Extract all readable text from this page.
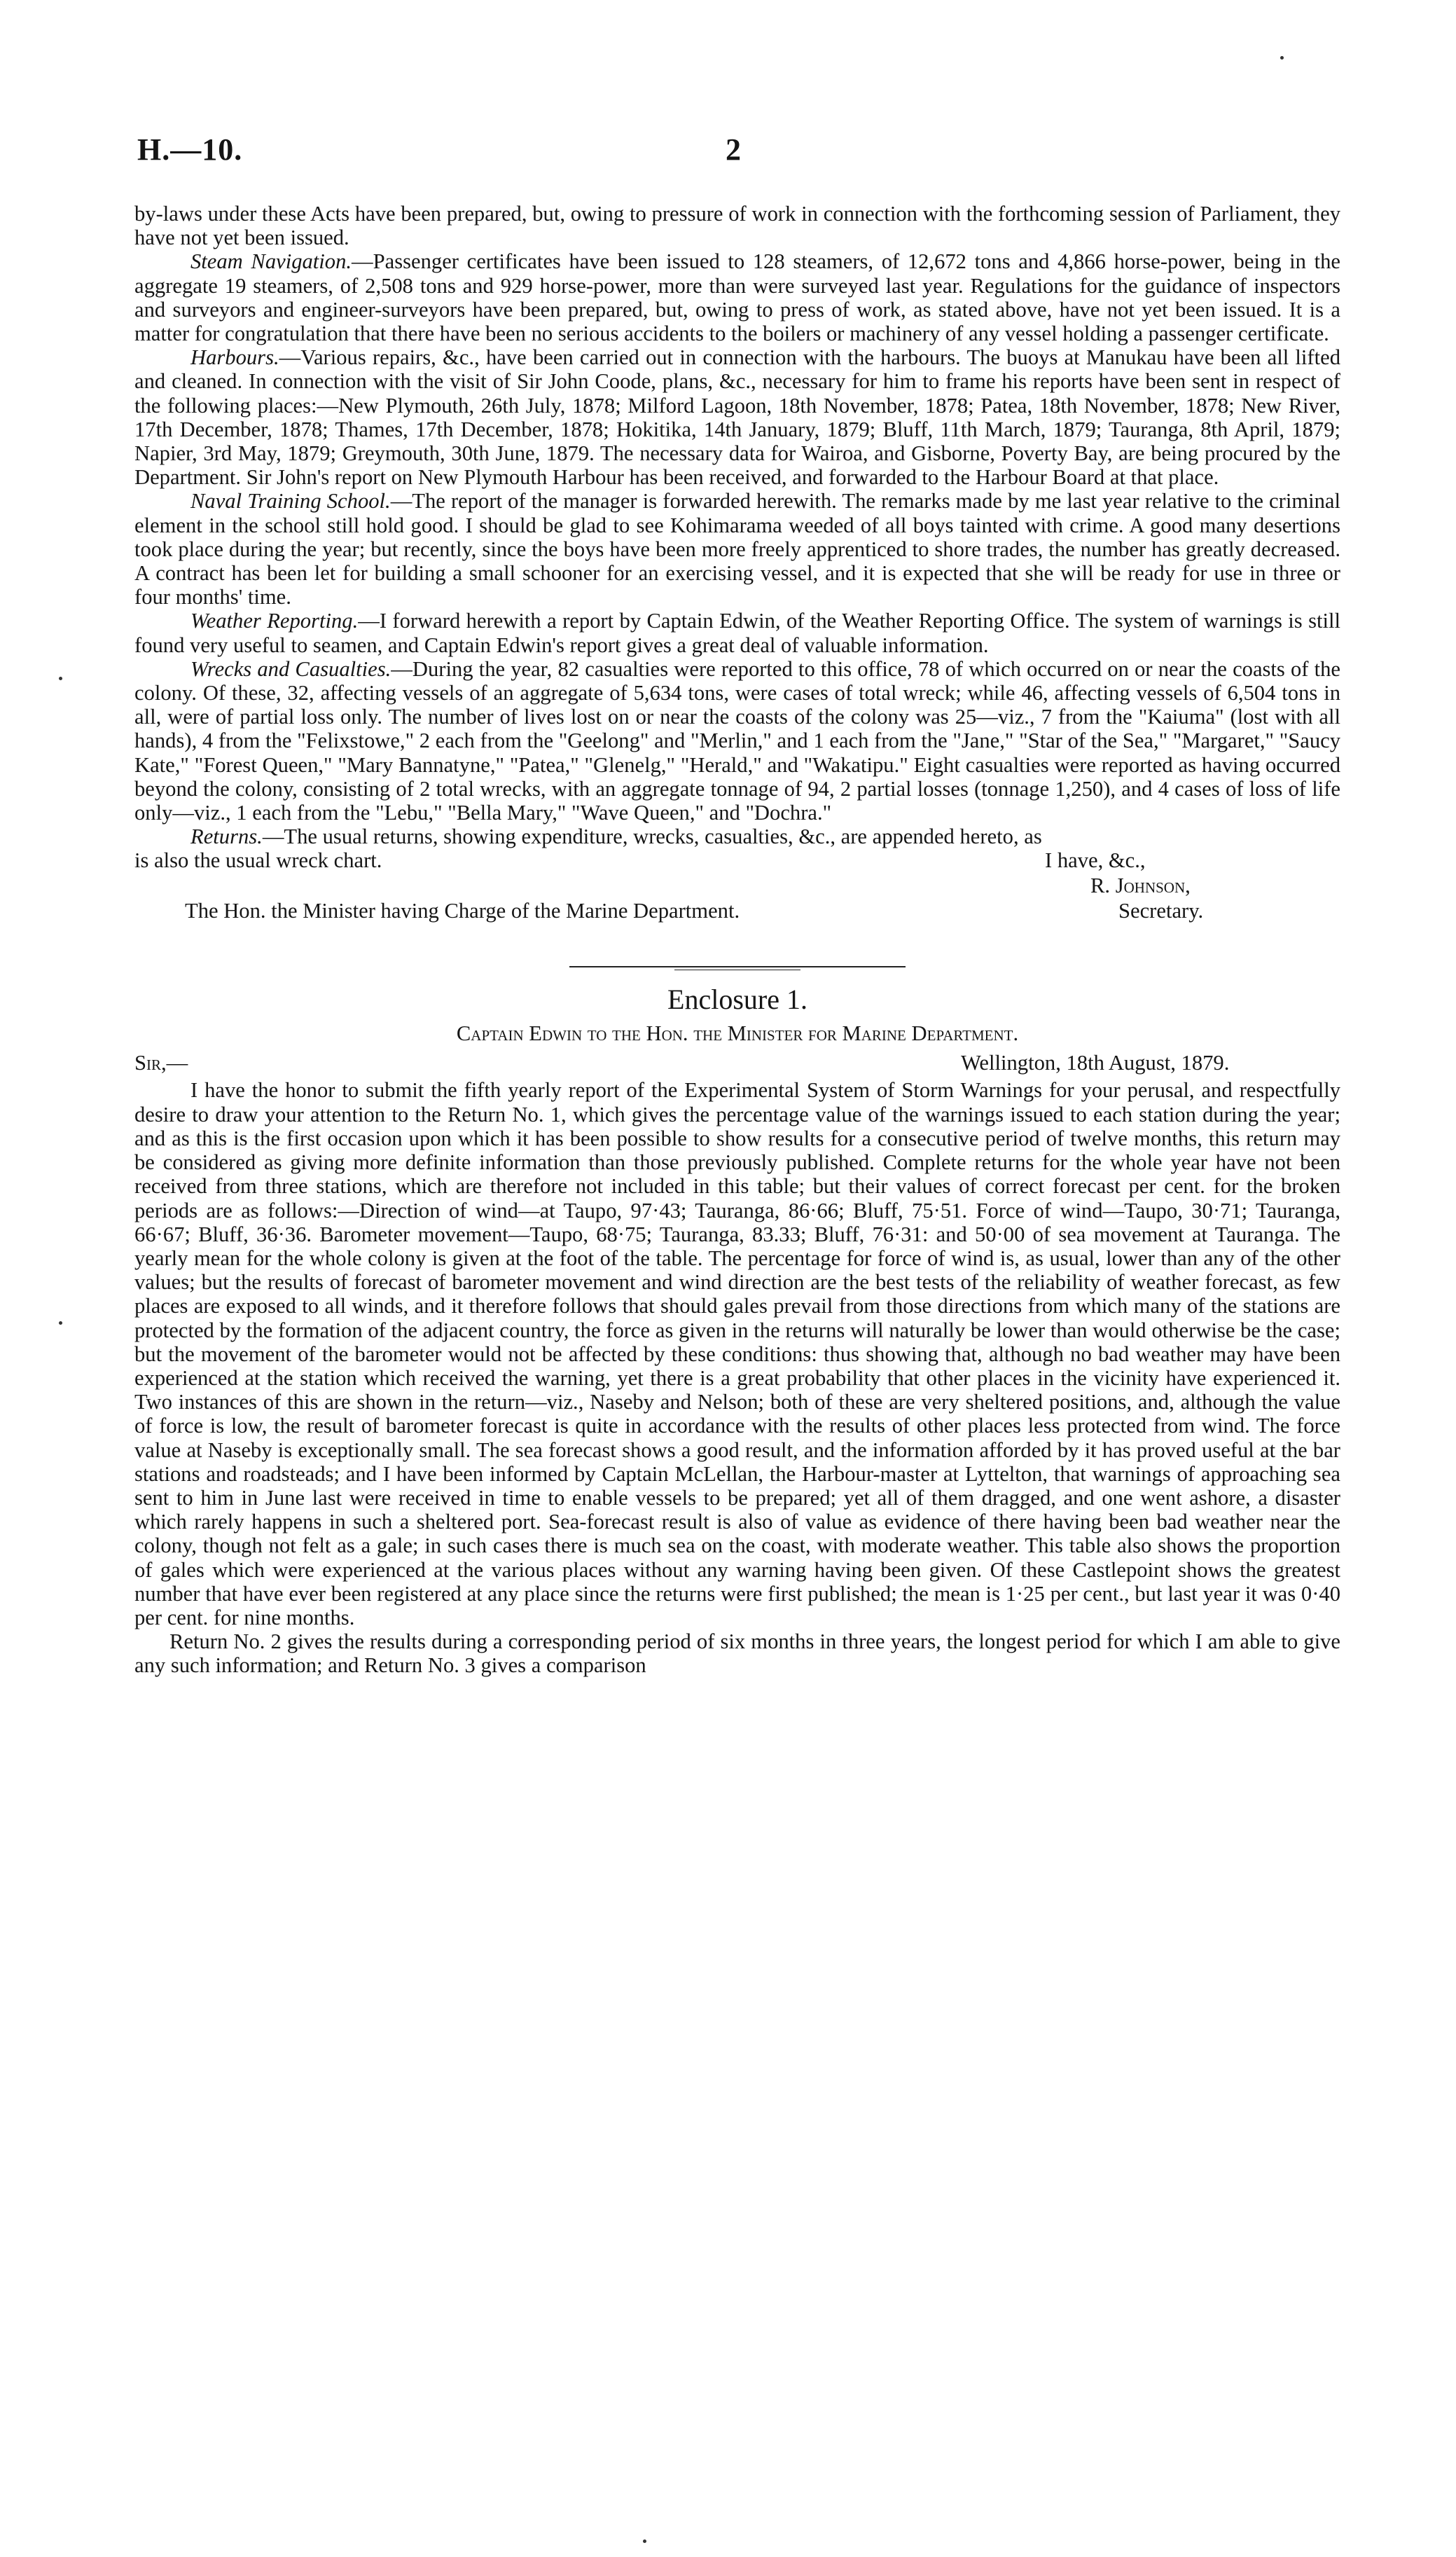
H.—10.	2

by-laws under these Acts have been prepared, but, owing to pressure of work in connection with the forthcoming session of Parliament, they have not yet been issued.

Steam Navigation.—Passenger certificates have been issued to 128 steamers, of 12,672 tons and 4,866 horse-power, being in the aggregate 19 steamers, of 2,508 tons and 929 horse-power, more than were surveyed last year. Regulations for the guidance of inspectors and surveyors and engineer-surveyors have been prepared, but, owing to press of work, as stated above, have not yet been issued. It is a matter for congratulation that there have been no serious accidents to the boilers or machinery of any vessel holding a passenger certificate.

Harbours.—Various repairs, &c., have been carried out in connection with the harbours. The buoys at Manukau have been all lifted and cleaned. In connection with the visit of Sir John Coode, plans, &c., necessary for him to frame his reports have been sent in respect of the following places:—New Plymouth, 26th July, 1878; Milford Lagoon, 18th November, 1878; Patea, 18th November, 1878; New River, 17th December, 1878; Thames, 17th December, 1878; Hokitika, 14th January, 1879; Bluff, 11th March, 1879; Tauranga, 8th April, 1879; Napier, 3rd May, 1879; Greymouth, 30th June, 1879. The necessary data for Wairoa, and Gisborne, Poverty Bay, are being procured by the Department. Sir John's report on New Plymouth Harbour has been received, and forwarded to the Harbour Board at that place.

Naval Training School.—The report of the manager is forwarded herewith. The remarks made by me last year relative to the criminal element in the school still hold good. I should be glad to see Kohimarama weeded of all boys tainted with crime. A good many desertions took place during the year; but recently, since the boys have been more freely apprenticed to shore trades, the number has greatly decreased. A contract has been let for building a small schooner for an exercising vessel, and it is expected that she will be ready for use in three or four months' time.

Weather Reporting.—I forward herewith a report by Captain Edwin, of the Weather Reporting Office. The system of warnings is still found very useful to seamen, and Captain Edwin's report gives a great deal of valuable information.

Wrecks and Casualties.—During the year, 82 casualties were reported to this office, 78 of which occurred on or near the coasts of the colony. Of these, 32, affecting vessels of an aggregate of 5,634 tons, were cases of total wreck; while 46, affecting vessels of 6,504 tons in all, were of partial loss only. The number of lives lost on or near the coasts of the colony was 25—viz., 7 from the "Kaiuma" (lost with all hands), 4 from the "Felixstowe," 2 each from the "Geelong" and "Merlin," and 1 each from the "Jane," "Star of the Sea," "Margaret," "Saucy Kate," "Forest Queen," "Mary Bannatyne," "Patea," "Glenelg," "Herald," and "Wakatipu." Eight casualties were reported as having occurred beyond the colony, consisting of 2 total wrecks, with an aggregate tonnage of 94, 2 partial losses (tonnage 1,250), and 4 cases of loss of life only—viz., 1 each from the "Lebu," "Bella Mary," "Wave Queen," and "Dochra."

Returns.—The usual returns, showing expenditure, wrecks, casualties, &c., are appended hereto, as

is also the usual wreck chart.	I have, &c.,
R. Johnson,
The Hon. the Minister having Charge of the Marine Department.	Secretary.
Enclosure 1.
Captain Edwin to the Hon. the Minister for Marine Department.
Sir,—	Wellington, 18th August, 1879.

I have the honor to submit the fifth yearly report of the Experimental System of Storm Warnings for your perusal, and respectfully desire to draw your attention to the Return No. 1, which gives the percentage value of the warnings issued to each station during the year; and as this is the first occasion upon which it has been possible to show results for a consecutive period of twelve months, this return may be considered as giving more definite information than those previously published. Complete returns for the whole year have not been received from three stations, which are therefore not included in this table; but their values of correct forecast per cent. for the broken periods are as follows:—Direction of wind—at Taupo, 97·43; Tauranga, 86·66; Bluff, 75·51. Force of wind—Taupo, 30·71; Tauranga, 66·67; Bluff, 36·36. Barometer movement—Taupo, 68·75; Tauranga, 83.33; Bluff, 76·31: and 50·00 of sea movement at Tauranga. The yearly mean for the whole colony is given at the foot of the table. The percentage for force of wind is, as usual, lower than any of the other values; but the results of forecast of barometer movement and wind direction are the best tests of the reliability of weather forecast, as few places are exposed to all winds, and it therefore follows that should gales prevail from those directions from which many of the stations are protected by the formation of the adjacent country, the force as given in the returns will naturally be lower than would otherwise be the case; but the movement of the barometer would not be affected by these conditions: thus showing that, although no bad weather may have been experienced at the station which received the warning, yet there is a great probability that other places in the vicinity have experienced it. Two instances of this are shown in the return—viz., Naseby and Nelson; both of these are very sheltered positions, and, although the value of force is low, the result of barometer forecast is quite in accordance with the results of other places less protected from wind. The force value at Naseby is exceptionally small. The sea forecast shows a good result, and the information afforded by it has proved useful at the bar stations and roadsteads; and I have been informed by Captain McLellan, the Harbour-master at Lyttelton, that warnings of approaching sea sent to him in June last were received in time to enable vessels to be prepared; yet all of them dragged, and one went ashore, a disaster which rarely happens in such a sheltered port. Sea-forecast result is also of value as evidence of there having been bad weather near the colony, though not felt as a gale; in such cases there is much sea on the coast, with moderate weather. This table also shows the proportion of gales which were experienced at the various places without any warning having been given. Of these Castlepoint shows the greatest number that have ever been registered at any place since the returns were first published; the mean is 1·25 per cent., but last year it was 0·40 per cent. for nine months.

Return No. 2 gives the results during a corresponding period of six months in three years, the longest period for which I am able to give any such information; and Return No. 3 gives a comparison
